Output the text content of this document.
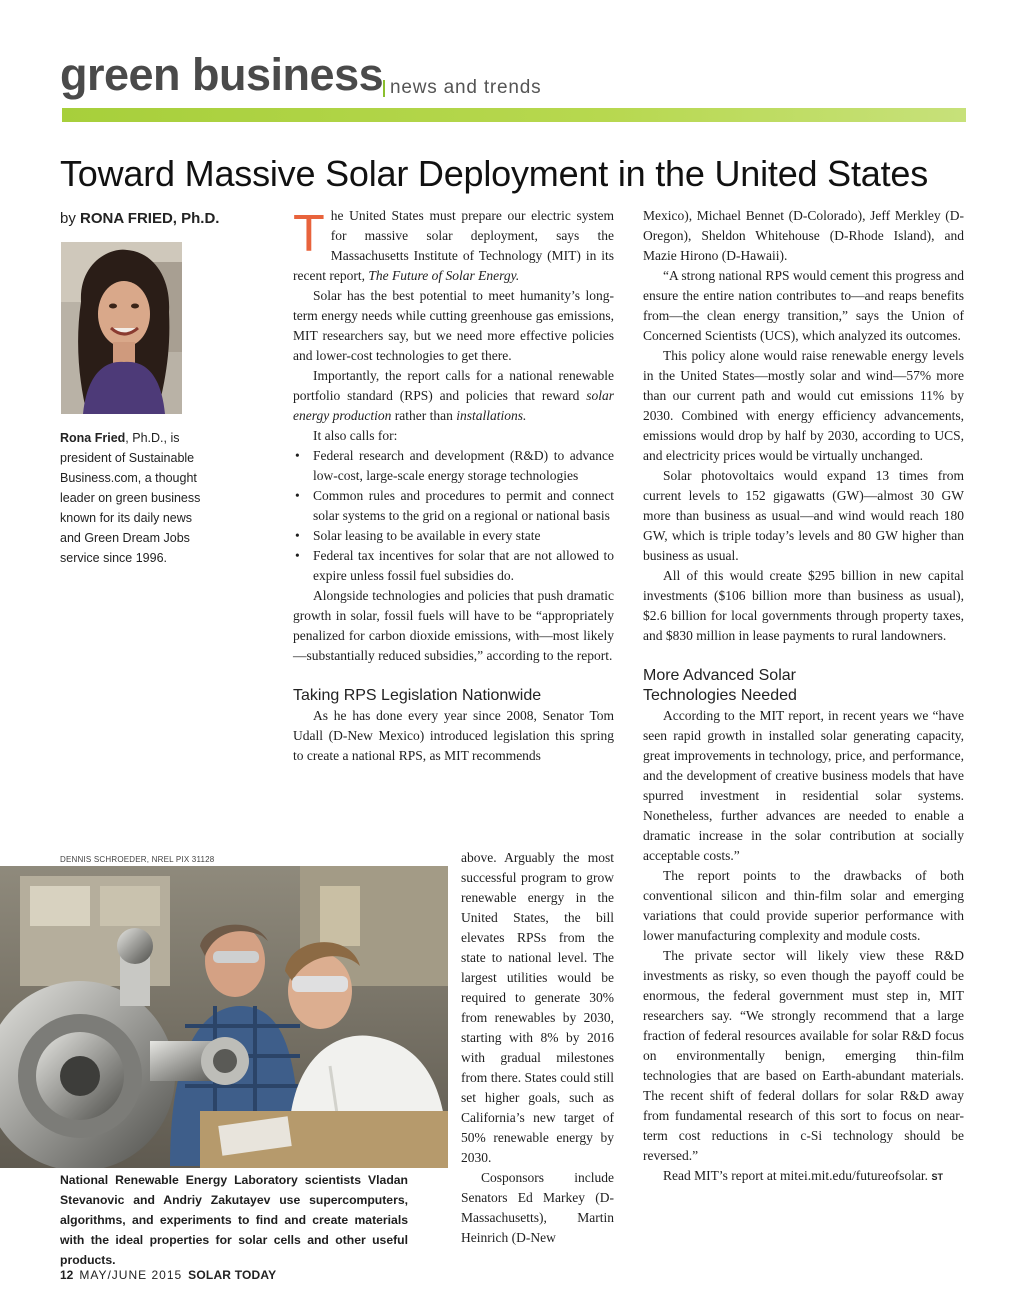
green business news and trends
Toward Massive Solar Deployment in the United States
by RONA FRIED, Ph.D.
Rona Fried, Ph.D., is president of Sustainable Business.com, a thought leader on green business known for its daily news and Green Dream Jobs service since 1996.

The United States must prepare our electric system for massive solar deployment, says the Massachusetts Institute of Technology (MIT) in its recent report, The Future of Solar Energy.

Solar has the best potential to meet humanity’s long-term energy needs while cutting greenhouse gas emissions, MIT researchers say, but we need more effective policies and lower-cost technologies to get there.

Importantly, the report calls for a national renewable portfolio standard (RPS) and policies that reward solar energy production rather than installations.

It also calls for:

• Federal research and development (R&D) to advance low-cost, large-scale energy storage technologies
• Common rules and procedures to permit and connect solar systems to the grid on a regional or national basis
• Solar leasing to be available in every state
• Federal tax incentives for solar that are not allowed to expire unless fossil fuel subsidies do.

Alongside technologies and policies that push dramatic growth in solar, fossil fuels will have to be “appropriately penalized for carbon dioxide emissions, with—most likely—substantially reduced subsidies,” according to the report.

Taking RPS Legislation Nationwide

As he has done every year since 2008, Senator Tom Udall (D-New Mexico) introduced legislation this spring to create a national RPS, as MIT recommends

above. Arguably the most successful program to grow renewable energy in the United States, the bill elevates RPSs from the state to national level. The largest utilities would be required to generate 30% from renewables by 2030, starting with 8% by 2016 with gradual milestones from there. States could still set higher goals, such as California’s new target of 50% renewable energy by 2030.

Cosponsors include Senators Ed Markey (D-Massachusetts), Martin Heinrich (D-New

Mexico), Michael Bennet (D-Colorado), Jeff Merkley (D-Oregon), Sheldon Whitehouse (D-Rhode Island), and Mazie Hirono (D-Hawaii).

“A strong national RPS would cement this progress and ensure the entire nation contributes to—and reaps benefits from—the clean energy transition,” says the Union of Concerned Scientists (UCS), which analyzed its outcomes.

This policy alone would raise renewable energy levels in the United States—mostly solar and wind—57% more than our current path and would cut emissions 11% by 2030. Combined with energy efficiency advancements, emissions would drop by half by 2030, according to UCS, and electricity prices would be virtually unchanged.

Solar photovoltaics would expand 13 times from current levels to 152 gigawatts (GW)—almost 30 GW more than business as usual—and wind would reach 180 GW, which is triple today’s levels and 80 GW higher than business as usual.

All of this would create $295 billion in new capital investments ($106 billion more than business as usual), $2.6 billion for local governments through property taxes, and $830 million in lease payments to rural landowners.

More Advanced Solar
Technologies Needed

According to the MIT report, in recent years we “have seen rapid growth in installed solar generating capacity, great improvements in technology, price, and performance, and the development of creative business models that have spurred investment in residential solar systems. Nonetheless, further advances are needed to enable a dramatic increase in the solar contribution at socially acceptable costs.”

The report points to the drawbacks of both conventional silicon and thin-film solar and emerging variations that could provide superior performance with lower manufacturing complexity and module costs.

The private sector will likely view these R&D investments as risky, so even though the payoff could be enormous, the federal government must step in, MIT researchers say. “We strongly recommend that a large fraction of federal resources available for solar R&D focus on environmentally benign, emerging thin-film technologies that are based on Earth-abundant materials. The recent shift of federal dollars for solar R&D away from fundamental research of this sort to focus on near-term cost reductions in c-Si technology should be reversed.”

Read MIT’s report at mitei.mit.edu/futureofsolar. ST

DENNIS SCHROEDER, NREL PIX 31128
National Renewable Energy Laboratory scientists Vladan Stevanovic and Andriy Zakutayev use supercomputers, algorithms, and experiments to find and create materials with the ideal properties for solar cells and other useful products.
12 MAY/JUNE 2015 SOLAR TODAY
